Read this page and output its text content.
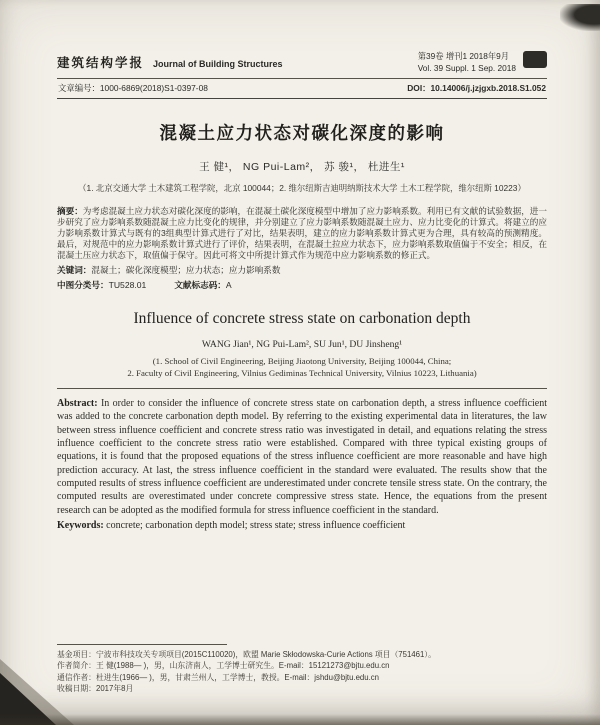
建筑结构学报 Journal of Building Structures
第39卷 增刊1 2018年9月
Vol. 39 Suppl. 1 Sep. 2018
文章编号：1000-6869(2018)S1-0397-08	DOI：10.14006/j.jzjgxb.2018.S1.052
混凝土应力状态对碳化深度的影响
王 健¹， NG Pui-Lam²， 苏 骏¹， 杜进生¹
（1. 北京交通大学 土木建筑工程学院，北京 100044；2. 维尔纽斯吉迪明纳斯技术大学 土木工程学院，维尔纽斯 10223）
摘要：为考虑混凝土应力状态对碳化深度的影响，在混凝土碳化深度模型中增加了应力影响系数。利用已有文献的试验数据，进一步研究了应力影响系数随混凝土应力比变化的规律，并分别建立了应力影响系数随混凝土应力、应力比变化的计算式。将建立的应力影响系数计算式与既有的3组典型计算式进行了对比，结果表明，建立的应力影响系数计算式更为合理，具有较高的预测精度。最后，对规范中的应力影响系数计算式进行了评价，结果表明，在混凝土拉应力状态下，应力影响系数取值偏于不安全；相反，在混凝土压应力状态下，取值偏于保守。因此可将文中所提计算式作为规范中应力影响系数的修正式。
关键词：混凝土；碳化深度模型；应力状态；应力影响系数
中图分类号：TU528.01	文献标志码：A
Influence of concrete stress state on carbonation depth
WANG Jian¹, NG Pui-Lam², SU Jun¹, DU Jinsheng¹
(1. School of Civil Engineering, Beijing Jiaotong University, Beijing 100044, China;
2. Faculty of Civil Engineering, Vilnius Gediminas Technical University, Vilnius 10223, Lithuania)
Abstract: In order to consider the influence of concrete stress state on carbonation depth, a stress influence coefficient was added to the concrete carbonation depth model. By referring to the existing experimental data in literatures, the law between stress influence coefficient and concrete stress ratio was investigated in detail, and equations relating the stress influence coefficient to the concrete stress ratio were established. Compared with three typical existing groups of equations, it is found that the proposed equations of the stress influence coefficient are more reasonable and have high prediction accuracy. At last, the stress influence coefficient in the standard were evaluated. The results show that the computed results of stress influence coefficient are underestimated under concrete tensile stress state. On the contrary, the computed results are overestimated under concrete compressive stress state. Hence, the equations from the present research can be adopted as the modified formula for stress influence coefficient in the standard.
Keywords: concrete; carbonation depth model; stress state; stress influence coefficient
基金项目：宁波市科技攻关专项项目(2015C110020)，欧盟 Marie Skłodowska-Curie Actions 项目（751461）。
作者简介：王 健(1988— )，男，山东济南人，工学博士研究生。E-mail：15121273@bjtu.edu.cn
通信作者：杜进生(1966— )，男，甘肃兰州人，工学博士，教授。E-mail：jshdu@bjtu.edu.cn
收稿日期：2017年8月
